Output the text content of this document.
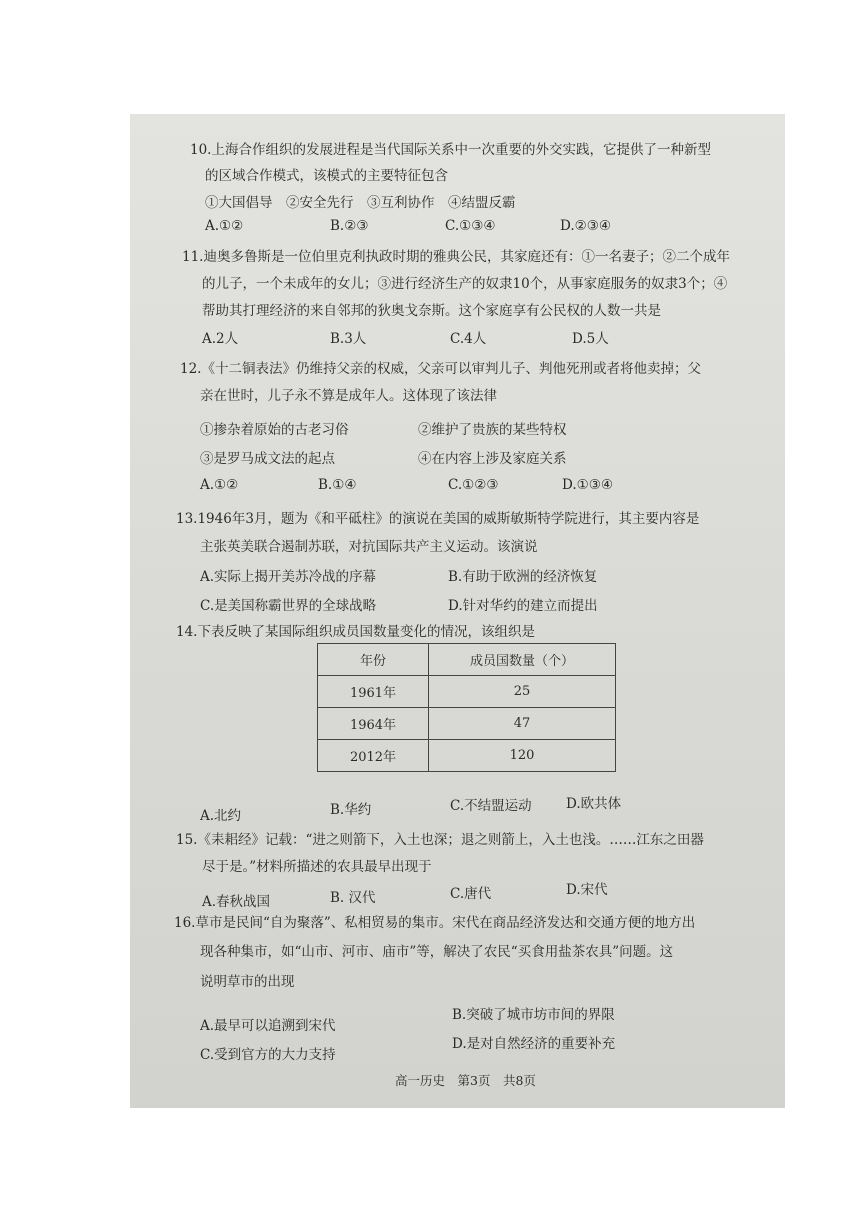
10.上海合作组织的发展进程是当代国际关系中一次重要的外交实践，它提供了一种新型
的区域合作模式，该模式的主要特征包含
①大国倡导　②安全先行　③互利协作　④结盟反霸
A.①②	B.②③	C.①③④	D.②③④
11.迪奥多鲁斯是一位伯里克利执政时期的雅典公民，其家庭还有：①一名妻子；②二个成年
的儿子，一个未成年的女儿；③进行经济生产的奴隶10个，从事家庭服务的奴隶3个；④
帮助其打理经济的来自邻邦的狄奥戈奈斯。这个家庭享有公民权的人数一共是
A.2人	B.3人	C.4人	D.5人
12.《十二铜表法》仍维持父亲的权威，父亲可以审判儿子、判他死刑或者将他卖掉；父
亲在世时，儿子永不算是成年人。这体现了该法律
①掺杂着原始的古老习俗	②维护了贵族的某些特权
③是罗马成文法的起点	④在内容上涉及家庭关系
A.①②	B.①④	C.①②③	D.①③④
13.1946年3月，题为《和平砥柱》的演说在美国的威斯敏斯特学院进行，其主要内容是
主张英美联合遏制苏联，对抗国际共产主义运动。该演说
A.实际上揭开美苏冷战的序幕	B.有助于欧洲的经济恢复
C.是美国称霸世界的全球战略	D.针对华约的建立而提出
14.下表反映了某国际组织成员国数量变化的情况，该组织是
年份	成员国数量（个）
1961年	25
1964年	47
2012年	120
A.北约	B.华约	C.不结盟运动	D.欧共体
15.《耒耜经》记载：“进之则箭下，入土也深；退之则箭上，入土也浅。……江东之田器
尽于是。”材料所描述的农具最早出现于
A.春秋战国	B. 汉代	C.唐代	D.宋代
16.草市是民间“自为聚落”、私相贸易的集市。宋代在商品经济发达和交通方便的地方出
现各种集市，如“山市、河市、庙市”等，解决了农民“买食用盐茶农具”问题。这
说明草市的出现
A.最早可以追溯到宋代
B.突破了城市坊市间的界限
C.受到官方的大力支持
D.是对自然经济的重要补充
高一历史　第3页　共8页
